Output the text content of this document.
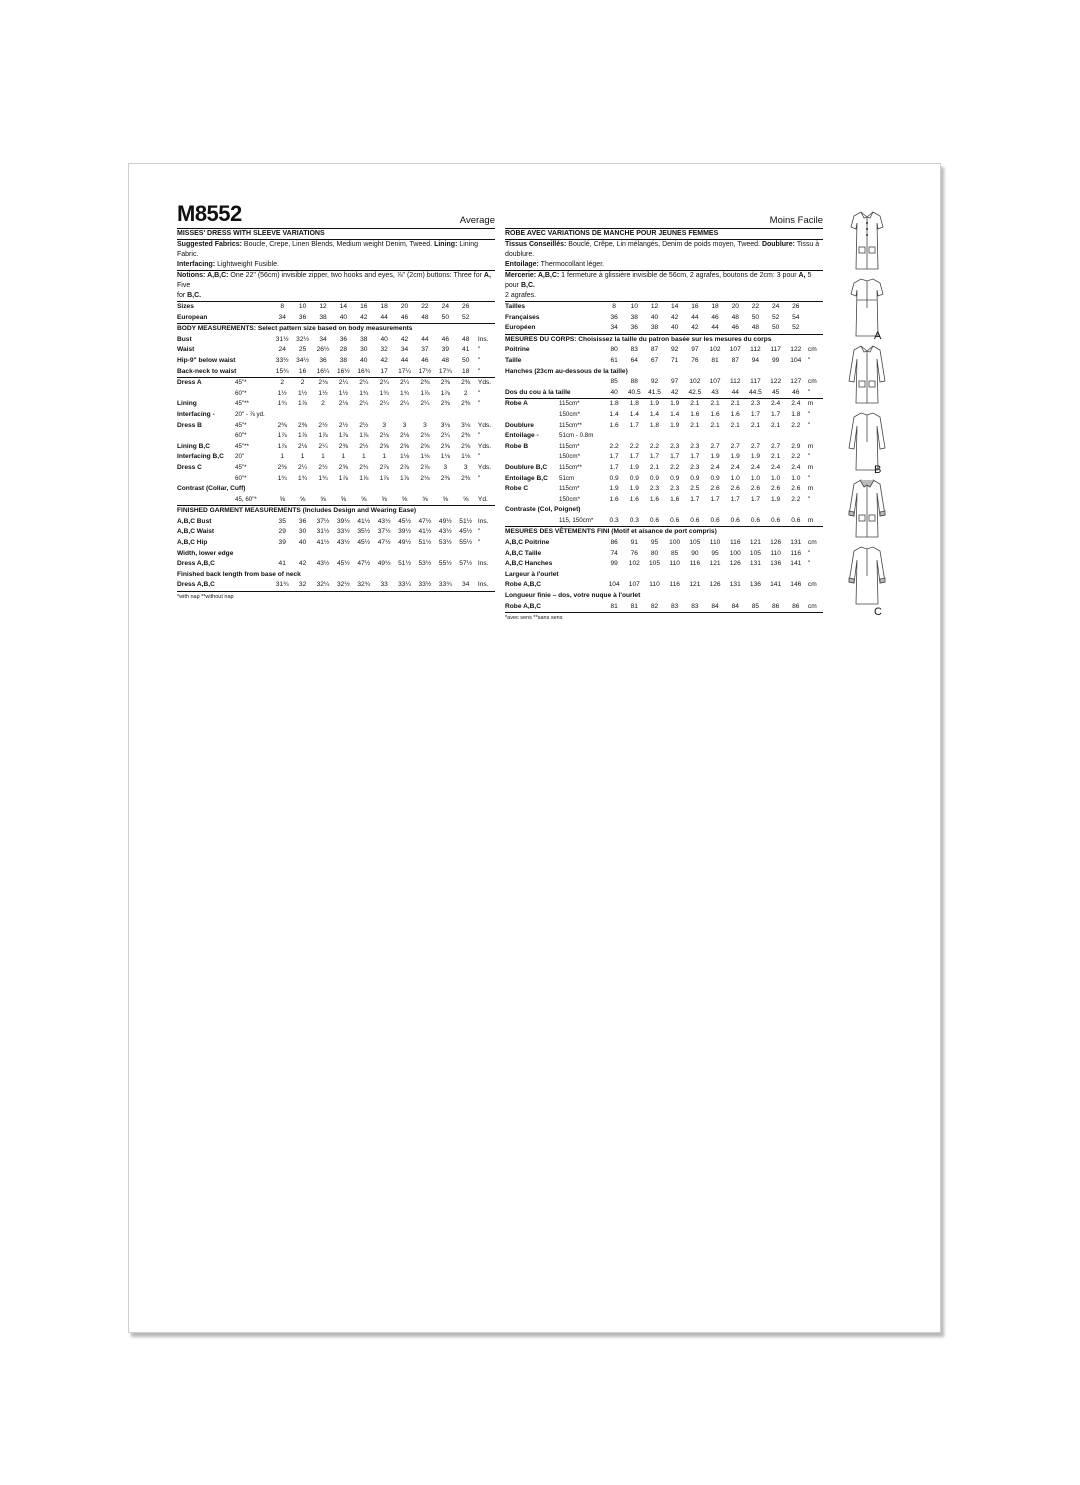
M8552	Average
MISSES' DRESS WITH SLEEVE VARIATIONS
Suggested Fabrics: Boucle, Crepe, Linen Blends, Medium weight Denim, Tweed. Lining: Lining Fabric.
Interfacing: Lightweight Fusible.
Notions: A,B,C: One 22" (56cm) invisible zipper, two hooks and eyes, ⅞" (2cm) buttons: Three for A, Five
for B,C.
Sizes		8	10	12	14	16	18	20	22	24	26	
European		34	36	38	40	42	44	46	48	50	52	
BODY MEASUREMENTS: Select pattern size based on body measurements												
Bust		31½	32½	34	36	38	40	42	44	46	48	Ins.
Waist		24	25	26½	28	30	32	34	37	39	41	"
Hip-9" below waist		33½	34½	36	38	40	42	44	46	48	50	"
Back-neck to waist		15¾	16	16¼	16½	16¾	17	17¼	17½	17¾	18	"
Dress A	45"*	2	2	2⅛	2¼	2¼	2¼	2¼	2⅜	2⅜	2⅜	Yds.
	60"*	1½	1½	1½	1½	1¾	1¾	1¾	1⅞	1⅞	2	"
Lining	45"**	1¾	1⅞	2	2⅛	2¼	2¼	2¼	2¼	2⅜	2⅜	"
Interfacing -	20" - ⅞ yd.											
Dress B	45"*	2⅜	2⅜	2½	2½	2½	3	3	3	3⅛	3⅛	Yds.
	60"*	1⅞	1⅞	1⅞	1⅞	1⅞	2⅛	2⅛	2⅛	2¼	2⅜	"
Lining B,C	45"**	1⅞	2⅛	2¼	2⅜	2½	2⅝	2⅝	2⅝	2⅝	2⅝	Yds.
Interfacing B,C	20"	1	1	1	1	1	1	1⅛	1⅛	1⅛	1⅛	"
Dress C	45"*	2⅜	2¼	2½	2⅝	2¾	2⅞	2⅞	2⅞	3	3	Yds.
	60"*	1¾	1¾	1¾	1⅞	1⅞	1⅞	1⅞	2⅛	2⅜	2⅜	"
Contrast (Collar, Cuff)												
	45, 60"*	⅝	⅝	⅝	⅝	⅝	⅝	⅝	⅝	⅝	⅝	Yd.
FINISHED GARMENT MEASUREMENTS (Includes Design and Wearing Ease)												
A,B,C Bust		35	36	37½	39½	41½	43½	45½	47½	49½	51½	Ins.
A,B,C Waist		29	30	31½	33½	35½	37½	39½	41½	43½	45½	"
A,B,C Hip		39	40	41½	43½	45½	47½	49½	51½	53½	55½	"
Width, lower edge												
Dress A,B,C		41	42	43½	45½	47½	49½	51½	53½	55½	57½	Ins.
Finished back length from base of neck												
Dress A,B,C		31¾	32	32¼	32½	32¾	33	33¼	33½	33¾	34	Ins.
*with nap **without nap
Moins Facile
ROBE AVEC VARIATIONS DE MANCHE POUR JEUNES FEMMES
Tissus Conseillés: Bouclé, Crêpe, Lin mélangés, Denim de poids moyen, Tweed. Doublure: Tissu à doublure.
Entoilage: Thermocollant léger.
Mercerie: A,B,C: 1 fermeture à glissière invisible de 56cm, 2 agrafes, boutons de 2cm: 3 pour A, 5 pour B,C.
2 agrafes.
Tailles		8	10	12	14	16	18	20	22	24	26	
Françaises		36	38	40	42	44	46	48	50	52	54	
Européen		34	36	38	40	42	44	46	48	50	52	
MESURES DU CORPS: Choisissez la taille du patron basée sur les mesures du corps												
Poitrine		80	83	87	92	97	102	107	112	117	122	cm
Taille		61	64	67	71	76	81	87	94	99	104	"
Hanches (23cm au-dessous de la taille)												
		85	88	92	97	102	107	112	117	122	127	cm
Dos du cou à la taille		40	40.5	41.5	42	42.5	43	44	44.5	45	46	"
Robe A	115cm*	1.8	1.8	1.9	1.9	2.1	2.1	2.1	2.3	2.4	2.4	m
	150cm*	1.4	1.4	1.4	1.4	1.6	1.6	1.6	1.7	1.7	1.8	"
Doublure	115cm**	1.6	1.7	1.8	1.9	2.1	2.1	2.1	2.1	2.1	2.2	"
Entoilage -	51cm - 0.8m											
Robe B	115cm*	2.2	2.2	2.2	2.3	2.3	2.7	2.7	2.7	2.7	2.9	m
	150cm*	1.7	1.7	1.7	1.7	1.7	1.9	1.9	1.9	2.1	2.2	"
Doublure B,C	115cm**	1.7	1.9	2.1	2.2	2.3	2.4	2.4	2.4	2.4	2.4	m
Entoilage B,C	51cm	0.9	0.9	0.9	0.9	0.9	0.9	1.0	1.0	1.0	1.0	"
Robe C	115cm*	1.9	1.9	2.3	2.3	2.5	2.6	2.6	2.6	2.6	2.6	m
	150cm*	1.6	1.6	1.6	1.6	1.7	1.7	1.7	1.7	1.9	2.2	"
Contraste (Col, Poignet)												
	115, 150cm*	0.3	0.3	0.6	0.6	0.6	0.6	0.6	0.6	0.6	0.6	m
MESURES DES VÊTEMENTS FINI (Motif et aisance de port compris)												
A,B,C Poitrine		86	91	95	100	105	110	116	121	126	131	cm
A,B,C Taille		74	76	80	85	90	95	100	105	110	116	"
A,B,C Hanches		99	102	105	110	116	121	126	131	136	141	"
Largeur à l'ourlet												
Robe A,B,C		104	107	110	116	121	126	131	136	141	146	cm
Longueur finie – dos, votre nuque à l'ourlet												
Robe A,B,C		81	81	82	83	83	84	84	85	86	86	cm
*avec sens **sans sens
A
B
C
